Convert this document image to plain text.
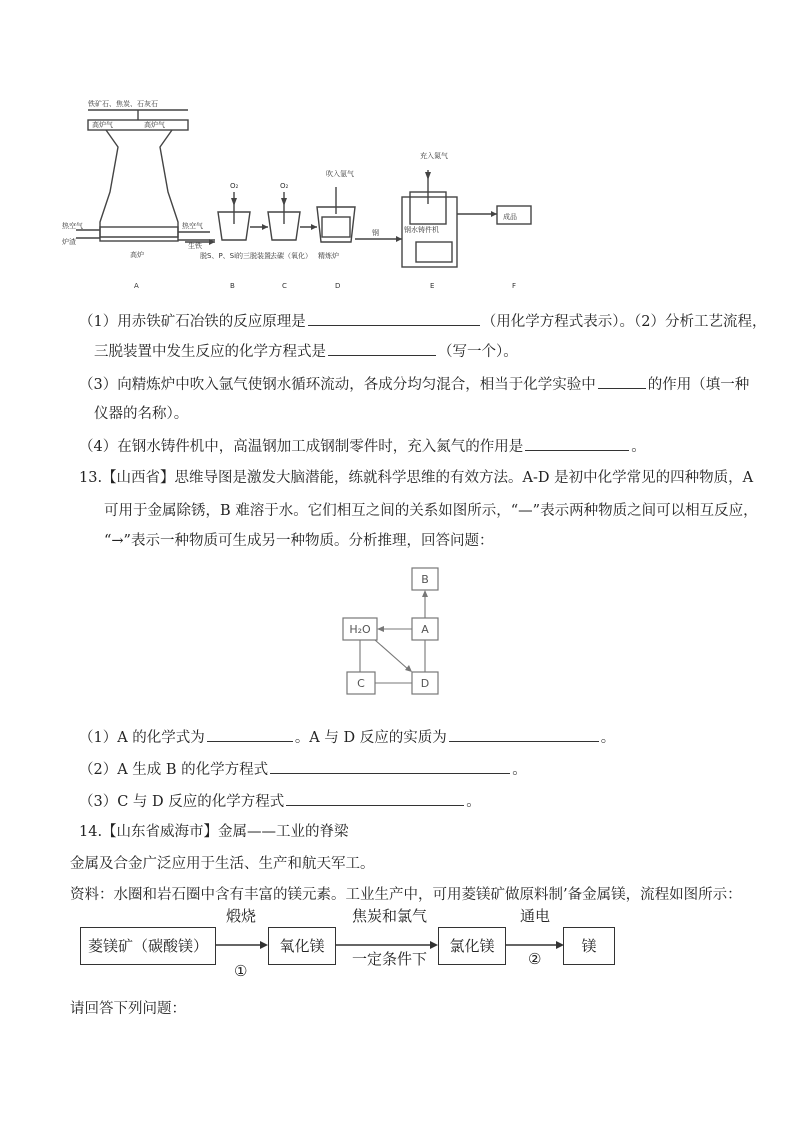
铁矿石、焦炭、石灰石
高炉气	高炉气
热空气
炉渣
热空气
生铁
高炉	脱S、P、Si的三脱装置
去碳（氧化） 精炼炉
钢水铸件机
O₂	O₂
吹入氩气
充入氮气
钢
成品
A	B	C	D	E	F
（1）用赤铁矿石冶铁的反应原理是	（用化学方程式表示）。（2）分析工艺流程，
三脱装置中发生反应的化学方程式是	（写一个）。
（3）向精炼炉中吹入氩气使钢水循环流动，各成分均匀混合，相当于化学实验中	的作用（填一种
仪器的名称）。
（4）在钢水铸件机中，高温钢加工成钢制零件时，充入氮气的作用是	。
13.【山西省】思维导图是激发大脑潜能，练就科学思维的有效方法。A-D 是初中化学常见的四种物质，A
可用于金属除锈，B 难溶于水。它们相互之间的关系如图所示，“—”表示两种物质之间可以相互反应，
“→”表示一种物质可生成另一种物质。分析推理，回答问题：
B
H₂O	A
C	D
（1）A 的化学式为	。A 与 D 反应的实质为	。
（2）A 生成 B 的化学方程式	。
（3）C 与 D 反应的化学方程式	。
14.【山东省威海市】金属——工业的脊梁
金属及合金广泛应用于生活、生产和航天军工。
资料：水圈和岩石圈中含有丰富的镁元素。工业生产中，可用菱镁矿做原料制’备金属镁，流程如图所示：
菱镁矿（碳酸镁）	氧化镁	氯化镁	镁
煅烧
①
焦炭和氯气
一定条件下
通电
②
请回答下列问题：
